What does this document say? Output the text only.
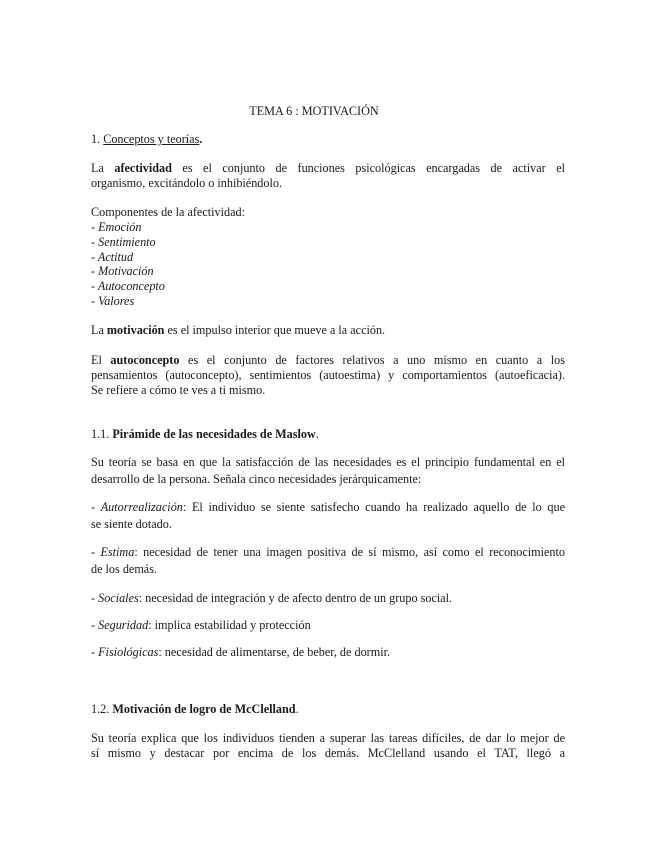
TEMA 6 : MOTIVACIÓN
1. Conceptos y teorías.
La afectividad es el conjunto de funciones psicológicas encargadas de activar el
organismo, excitándolo o inhibiéndolo.
Componentes de la afectividad:
- Emoción
- Sentimiento
- Actitud
- Motivación
- Autoconcepto
- Valores
La motivación es el impulso interior que mueve a la acción.
El autoconcepto es el conjunto de factores relativos a uno mismo en cuanto a los
pensamientos (autoconcepto), sentimientos (autoestima) y comportamientos (autoeficacia).
Se refiere a cómo te ves a ti mismo.
1.1. Pirámide de las necesidades de Maslow.
Su teoría se basa en que la satisfacción de las necesidades es el principio fundamental en el
desarrollo de la persona. Señala cinco necesidades jerárquicamente:
- Autorrealización: El individuo se siente satisfecho cuando ha realizado aquello de lo que
se siente dotado.
- Estima: necesidad de tener una imagen positiva de sí mismo, así como el reconocimiento
de los demás.
- Sociales: necesidad de integración y de afecto dentro de un grupo social.
- Seguridad: implica estabilidad y protección
- Fisiológicas: necesidad de alimentarse, de beber, de dormir.
1.2. Motivación de logro de McClelland.
Su teoría explica que los individuos tienden a superar las tareas difíciles, de dar lo mejor de
sí mismo y destacar por encima de los demás. McClelland usando el TAT, llegó a
